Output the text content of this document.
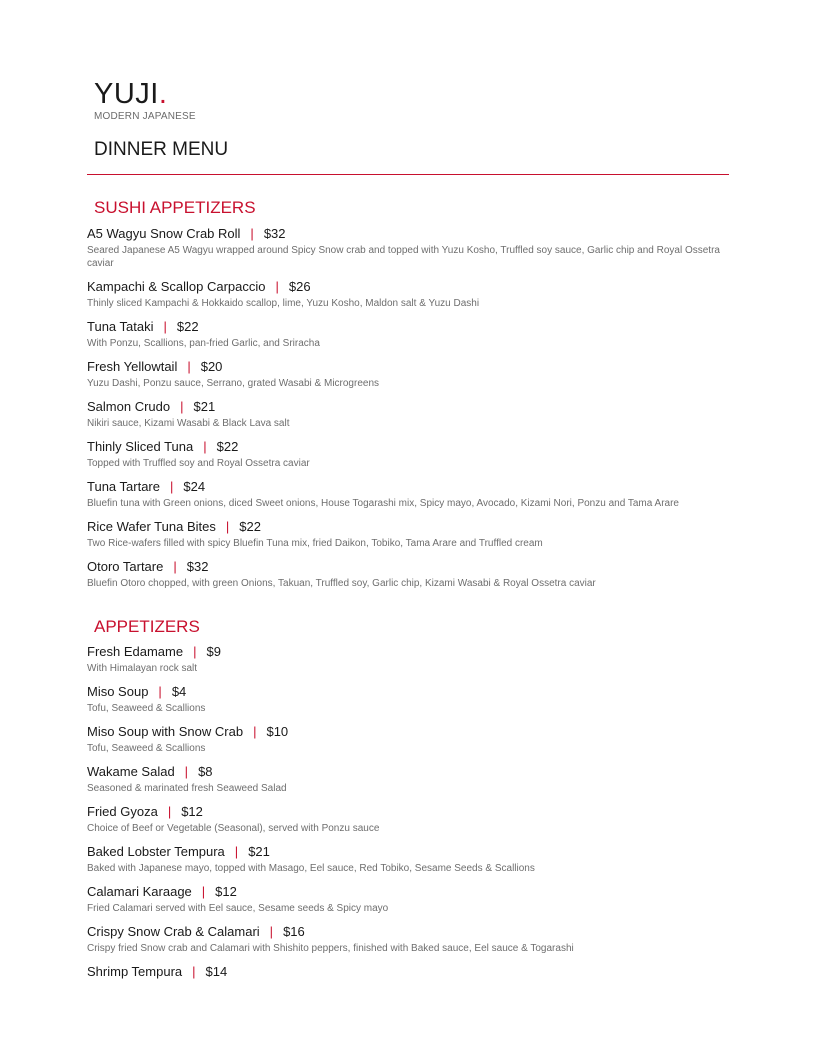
YUJI.
MODERN JAPANESE
DINNER MENU
SUSHI APPETIZERS
A5 Wagyu Snow Crab Roll | $32
Seared Japanese A5 Wagyu wrapped around Spicy Snow crab and topped with Yuzu Kosho, Truffled soy sauce, Garlic chip and Royal Ossetra caviar
Kampachi & Scallop Carpaccio | $26
Thinly sliced Kampachi & Hokkaido scallop, lime, Yuzu Kosho, Maldon salt & Yuzu Dashi
Tuna Tataki | $22
With Ponzu, Scallions, pan-fried Garlic, and Sriracha
Fresh Yellowtail | $20
Yuzu Dashi, Ponzu sauce, Serrano, grated Wasabi & Microgreens
Salmon Crudo | $21
Nikiri sauce, Kizami Wasabi & Black Lava salt
Thinly Sliced Tuna | $22
Topped with Truffled soy and Royal Ossetra caviar
Tuna Tartare | $24
Bluefin tuna with Green onions, diced Sweet onions, House Togarashi mix, Spicy mayo, Avocado, Kizami Nori, Ponzu and Tama Arare
Rice Wafer Tuna Bites | $22
Two Rice-wafers filled with spicy Bluefin Tuna mix, fried Daikon, Tobiko, Tama Arare and Truffled cream
Otoro Tartare | $32
Bluefin Otoro chopped, with green Onions, Takuan, Truffled soy, Garlic chip, Kizami Wasabi & Royal Ossetra caviar
APPETIZERS
Fresh Edamame | $9
With Himalayan rock salt
Miso Soup | $4
Tofu, Seaweed & Scallions
Miso Soup with Snow Crab | $10
Tofu, Seaweed & Scallions
Wakame Salad | $8
Seasoned & marinated fresh Seaweed Salad
Fried Gyoza | $12
Choice of Beef or Vegetable (Seasonal), served with Ponzu sauce
Baked Lobster Tempura | $21
Baked with Japanese mayo, topped with Masago, Eel sauce, Red Tobiko, Sesame Seeds & Scallions
Calamari Karaage | $12
Fried Calamari served with Eel sauce, Sesame seeds & Spicy mayo
Crispy Snow Crab & Calamari | $16
Crispy fried Snow crab and Calamari with Shishito peppers, finished with Baked sauce, Eel sauce & Togarashi
Shrimp Tempura | $14
